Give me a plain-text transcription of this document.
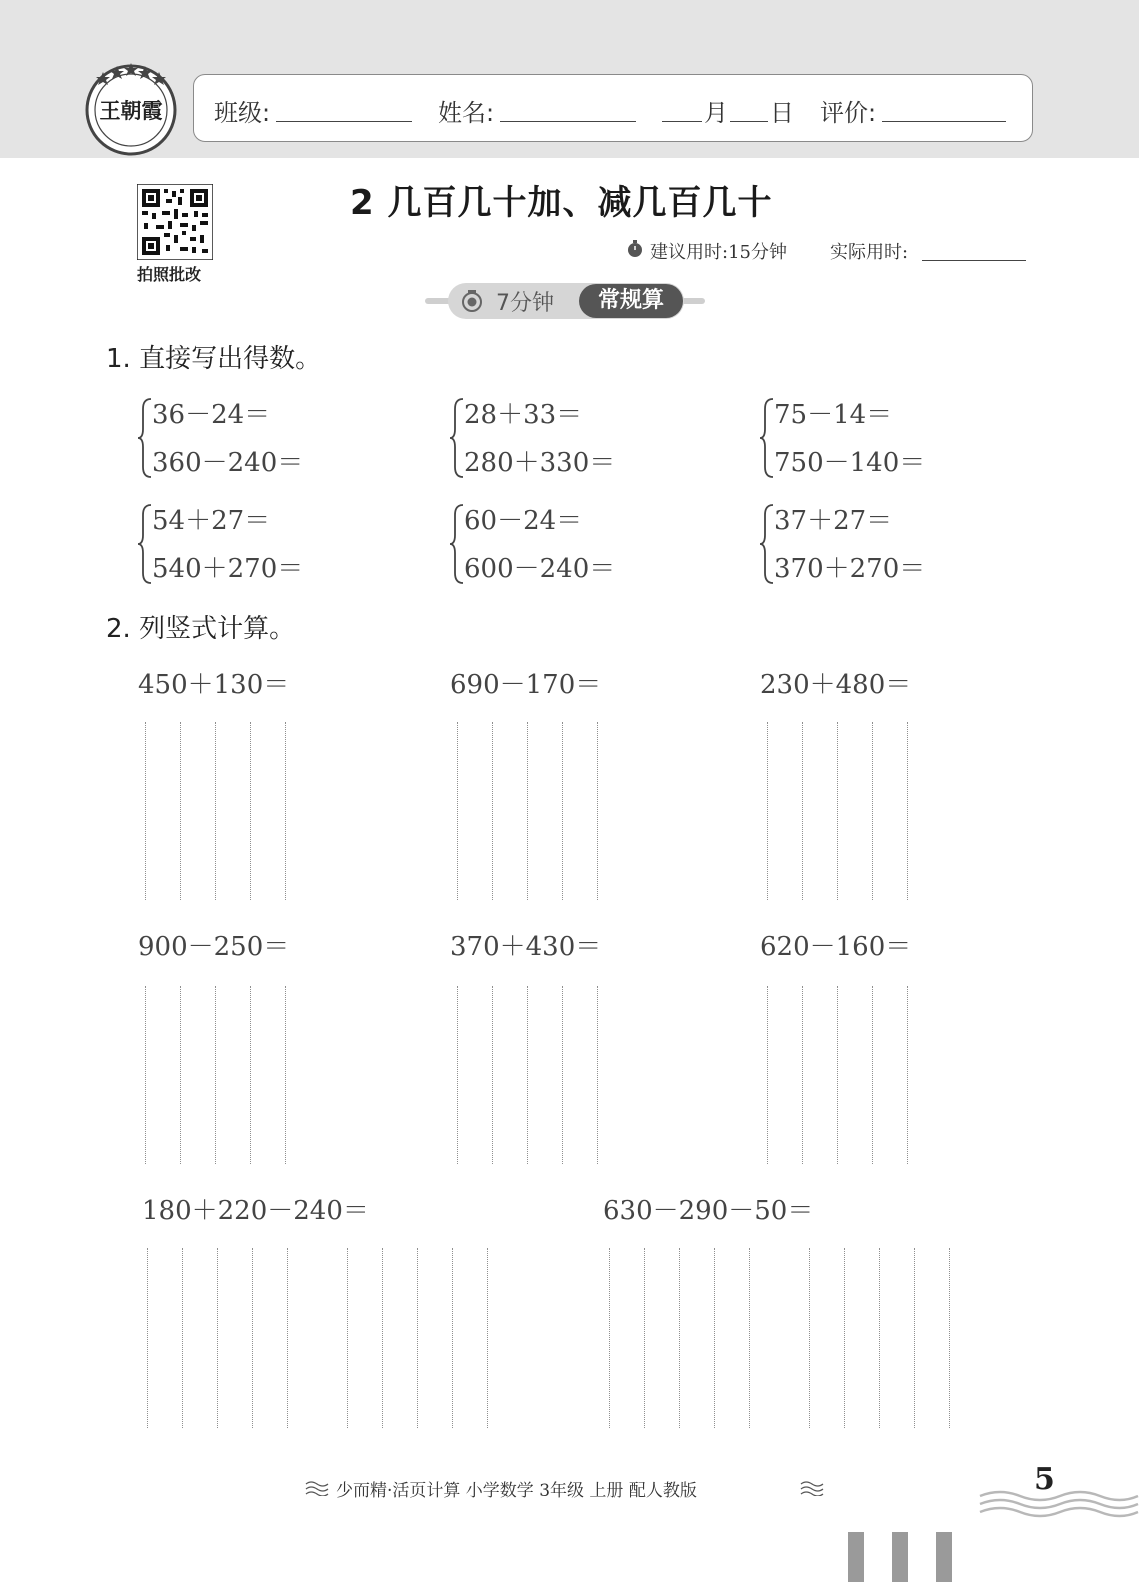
王朝霞 班级:	姓名:	月 日 评价:
拍照批改
2 几百几十加、减几百几十
建议用时:15分钟 实际用时:
7分钟	常规算
1. 直接写出得数。
36－24＝
360－240＝
28＋33＝
280＋330＝
75－14＝
750－140＝
54＋27＝
540＋270＝
60－24＝
600－240＝
37＋27＝
370＋270＝
2. 列竖式计算。
450＋130＝	690－170＝	230＋480＝
900－250＝	370＋430＝	620－160＝
180＋220－240＝	630－290－50＝
少而精·活页计算 小学数学 3年级 上册 配人教版	5
